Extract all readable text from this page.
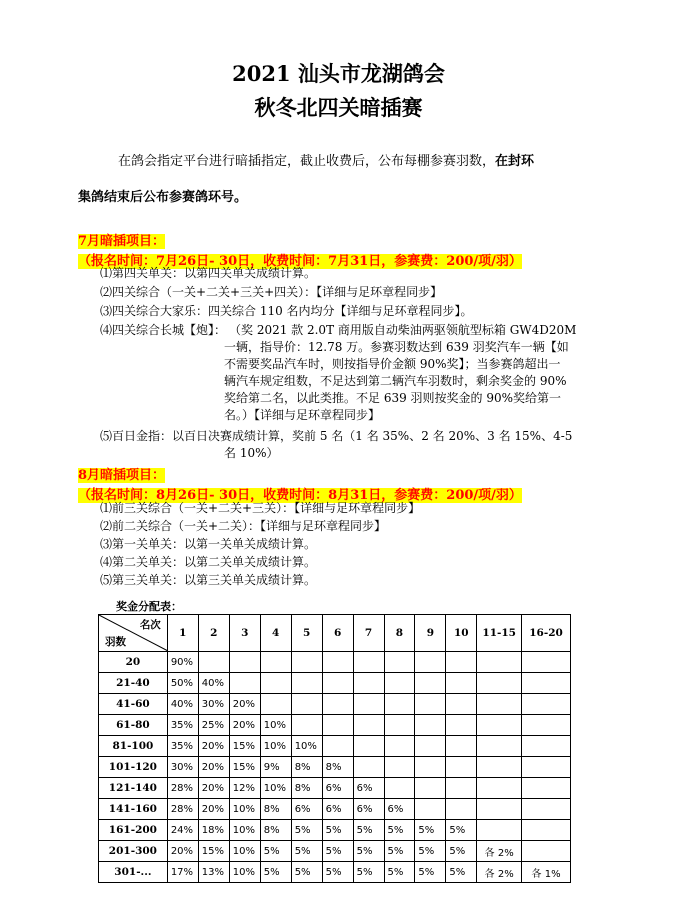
2021 汕头市龙湖鸽会
秋冬北四关暗插赛
在鸽会指定平台进行暗插指定，截止收费后，公布每棚参赛羽数，在封环
集鸽结束后公布参赛鸽环号。
7月暗插项目：
（报名时间：7月26日- 30日，收费时间：7月31日，参赛费：200/项/羽）
⑴第四关单关：以第四关单关成绩计算。
⑵四关综合（一关+二关+三关+四关）：【详细与足环章程同步】
⑶四关综合大家乐：四关综合 110 名内均分【详细与足环章程同步】。
⑷四关综合长城【炮】： （奖 2021 款 2.0T 商用版自动柴油两驱领航型标箱 GW4D20M
一辆，指导价：12.78 万。参赛羽数达到 639 羽奖汽车一辆【如
不需要奖品汽车时，则按指导价金额 90%奖】；当参赛鸽超出一
辆汽车规定组数，不足达到第二辆汽车羽数时，剩余奖金的 90%
奖给第二名，以此类推。不足 639 羽则按奖金的 90%奖给第一
名。）【详细与足环章程同步】
⑸百日金指：以百日决赛成绩计算，奖前 5 名（1 名 35%、2 名 20%、3 名 15%、4-5
名 10%）
8月暗插项目：
（报名时间：8月26日- 30日，收费时间：8月31日，参赛费：200/项/羽）
⑴前三关综合（一关+二关+三关）：【详细与足环章程同步】
⑵前二关综合（一关+二关）：【详细与足环章程同步】
⑶第一关单关：以第一关单关成绩计算。
⑷第二关单关：以第二关单关成绩计算。
⑸第三关单关：以第三关单关成绩计算。
奖金分配表：
名次
羽数	1	2	3	4	5	6	7	8	9	10	11-15	16-20
20	90%											
21-40	50%	40%										
41-60	40%	30%	20%									
61-80	35%	25%	20%	10%								
81-100	35%	20%	15%	10%	10%							
101-120	30%	20%	15%	9%	8%	8%						
121-140	28%	20%	12%	10%	8%	6%	6%					
141-160	28%	20%	10%	8%	6%	6%	6%	6%				
161-200	24%	18%	10%	8%	5%	5%	5%	5%	5%	5%		
201-300	20%	15%	10%	5%	5%	5%	5%	5%	5%	5%	各 2%	
301-...	17%	13%	10%	5%	5%	5%	5%	5%	5%	5%	各 2%	各 1%
